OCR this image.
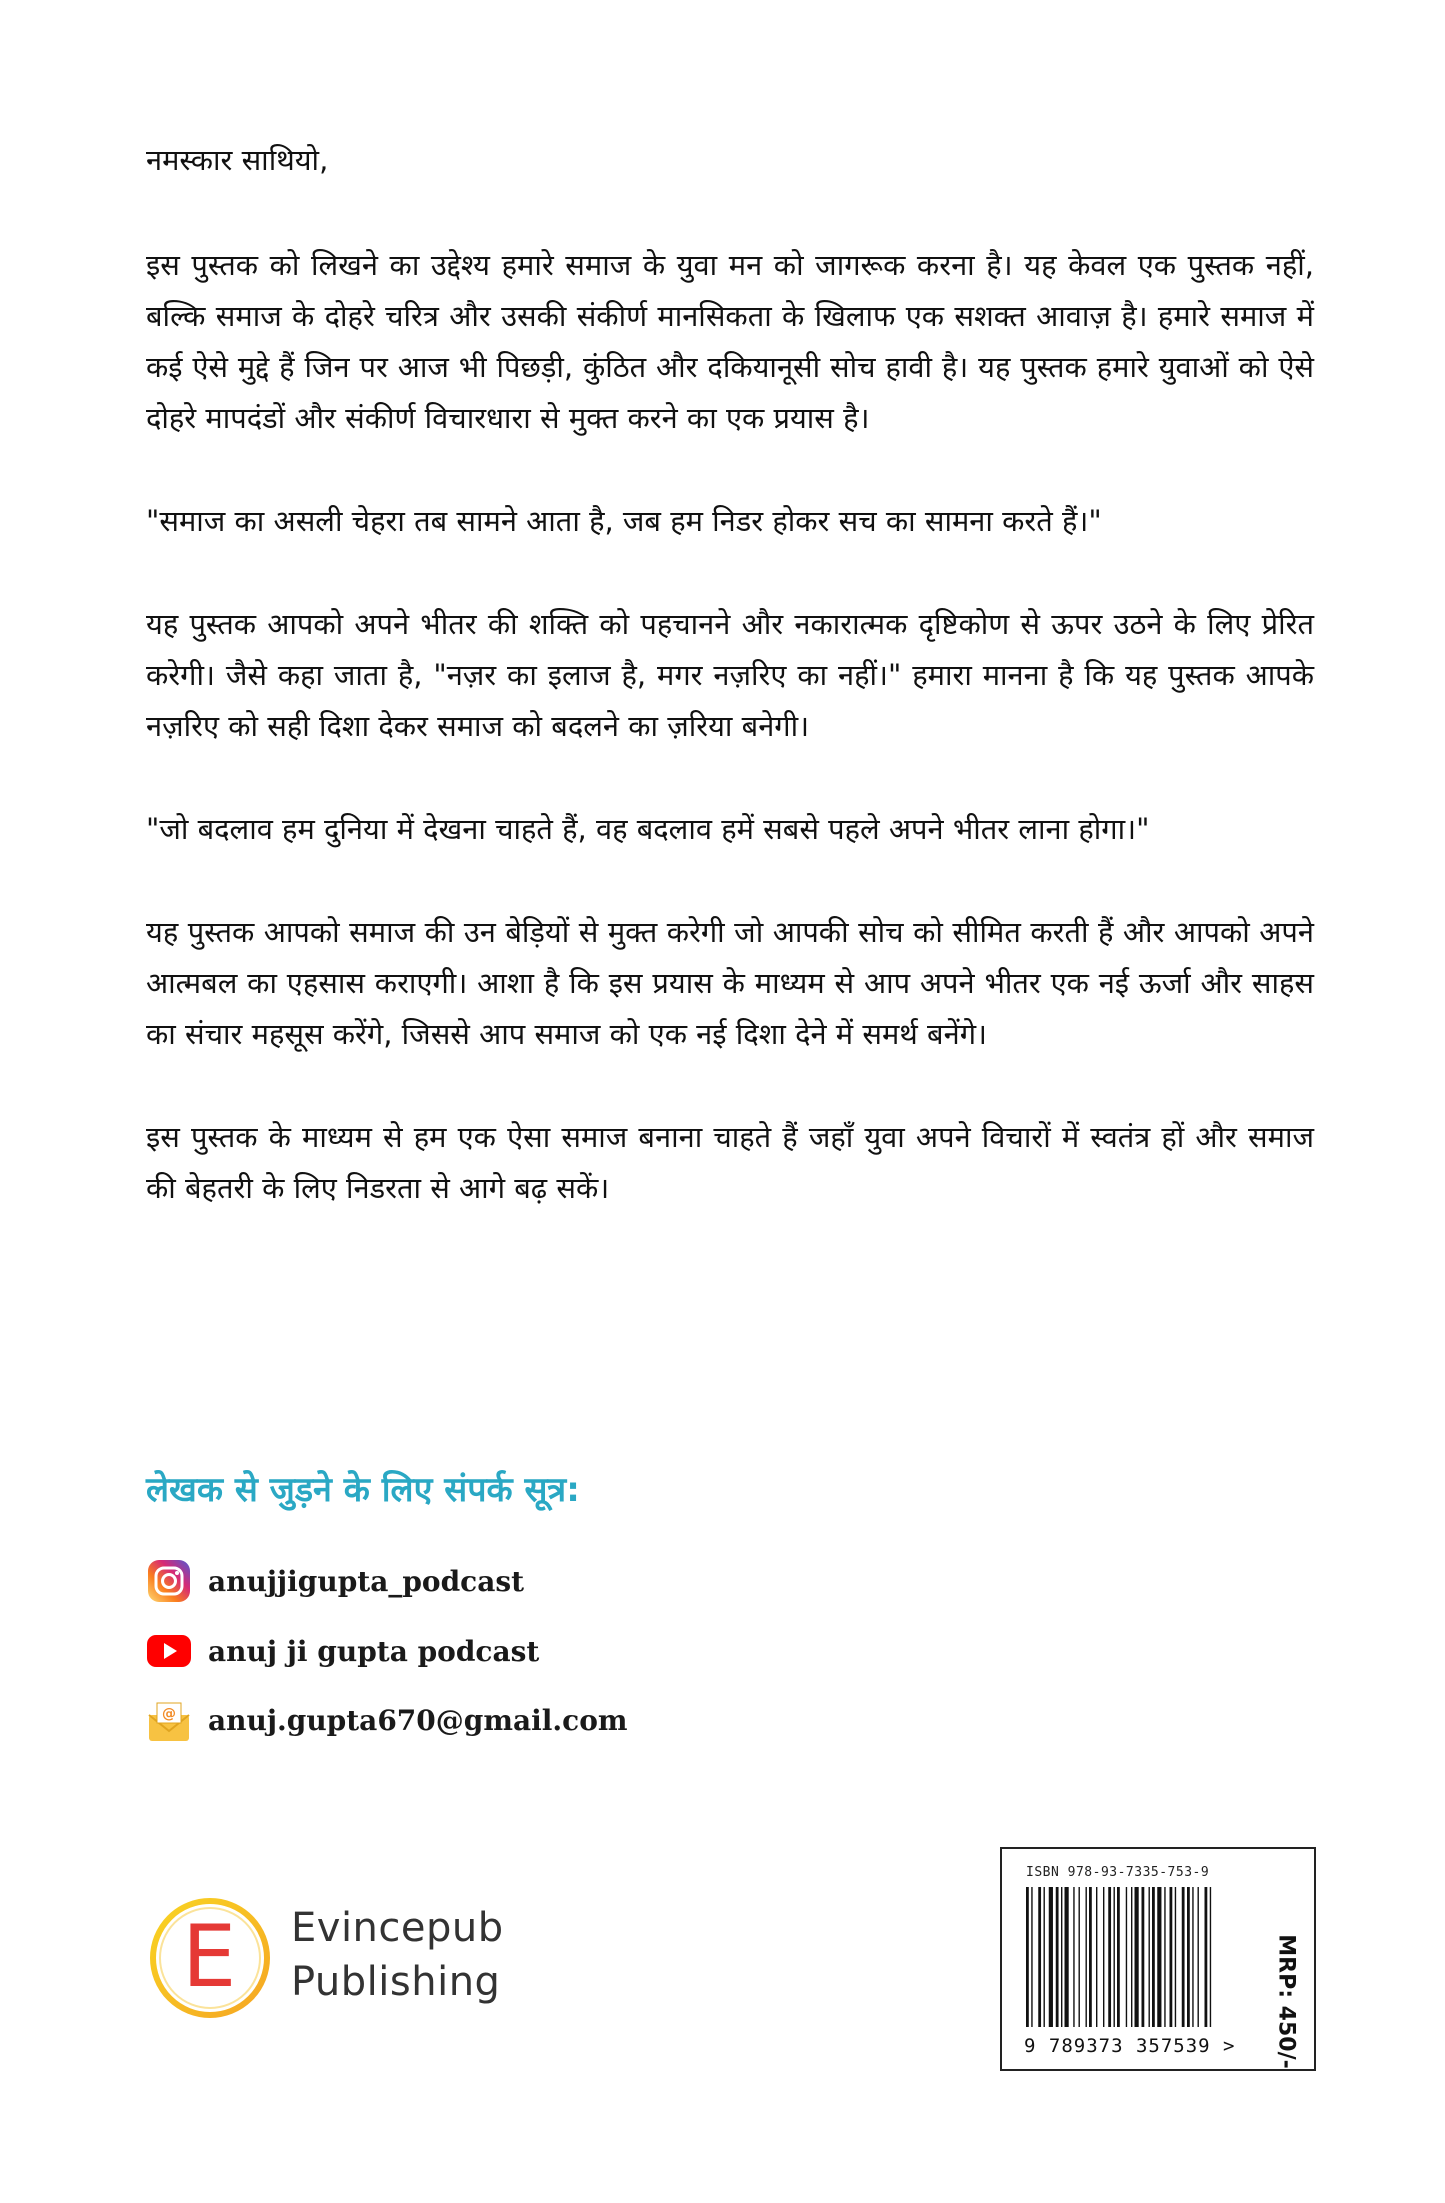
नमस्कार साथियो,

इस पुस्तक को लिखने का उद्देश्य हमारे समाज के युवा मन को जागरूक करना है। यह केवल एक पुस्तक नहीं, बल्कि समाज के दोहरे चरित्र और उसकी संकीर्ण मानसिकता के खिलाफ एक सशक्त आवाज़ है। हमारे समाज में कई ऐसे मुद्दे हैं जिन पर आज भी पिछड़ी, कुंठित और दकियानूसी सोच हावी है। यह पुस्तक हमारे युवाओं को ऐसे दोहरे मापदंडों और संकीर्ण विचारधारा से मुक्त करने का एक प्रयास है।

"समाज का असली चेहरा तब सामने आता है, जब हम निडर होकर सच का सामना करते हैं।"

यह पुस्तक आपको अपने भीतर की शक्ति को पहचानने और नकारात्मक दृष्टिकोण से ऊपर उठने के लिए प्रेरित करेगी। जैसे कहा जाता है, "नज़र का इलाज है, मगर नज़रिए का नहीं।" हमारा मानना है कि यह पुस्तक आपके नज़रिए को सही दिशा देकर समाज को बदलने का ज़रिया बनेगी।

"जो बदलाव हम दुनिया में देखना चाहते हैं, वह बदलाव हमें सबसे पहले अपने भीतर लाना होगा।"

यह पुस्तक आपको समाज की उन बेड़ियों से मुक्त करेगी जो आपकी सोच को सीमित करती हैं और आपको अपने आत्मबल का एहसास कराएगी। आशा है कि इस प्रयास के माध्यम से आप अपने भीतर एक नई ऊर्जा और साहस का संचार महसूस करेंगे, जिससे आप समाज को एक नई दिशा देने में समर्थ बनेंगे।

इस पुस्तक के माध्यम से हम एक ऐसा समाज बनाना चाहते हैं जहाँ युवा अपने विचारों में स्वतंत्र हों और समाज की बेहतरी के लिए निडरता से आगे बढ़ सकें।

लेखक से जुड़ने के लिए संपर्क सूत्र:

anujjigupta_podcast
anuj ji gupta podcast
@ anuj.gupta670@gmail.com
E Evincepub
Publishing
ISBN 978-93-7335-753-9
9 789373 357539 > MRP: 450/-
